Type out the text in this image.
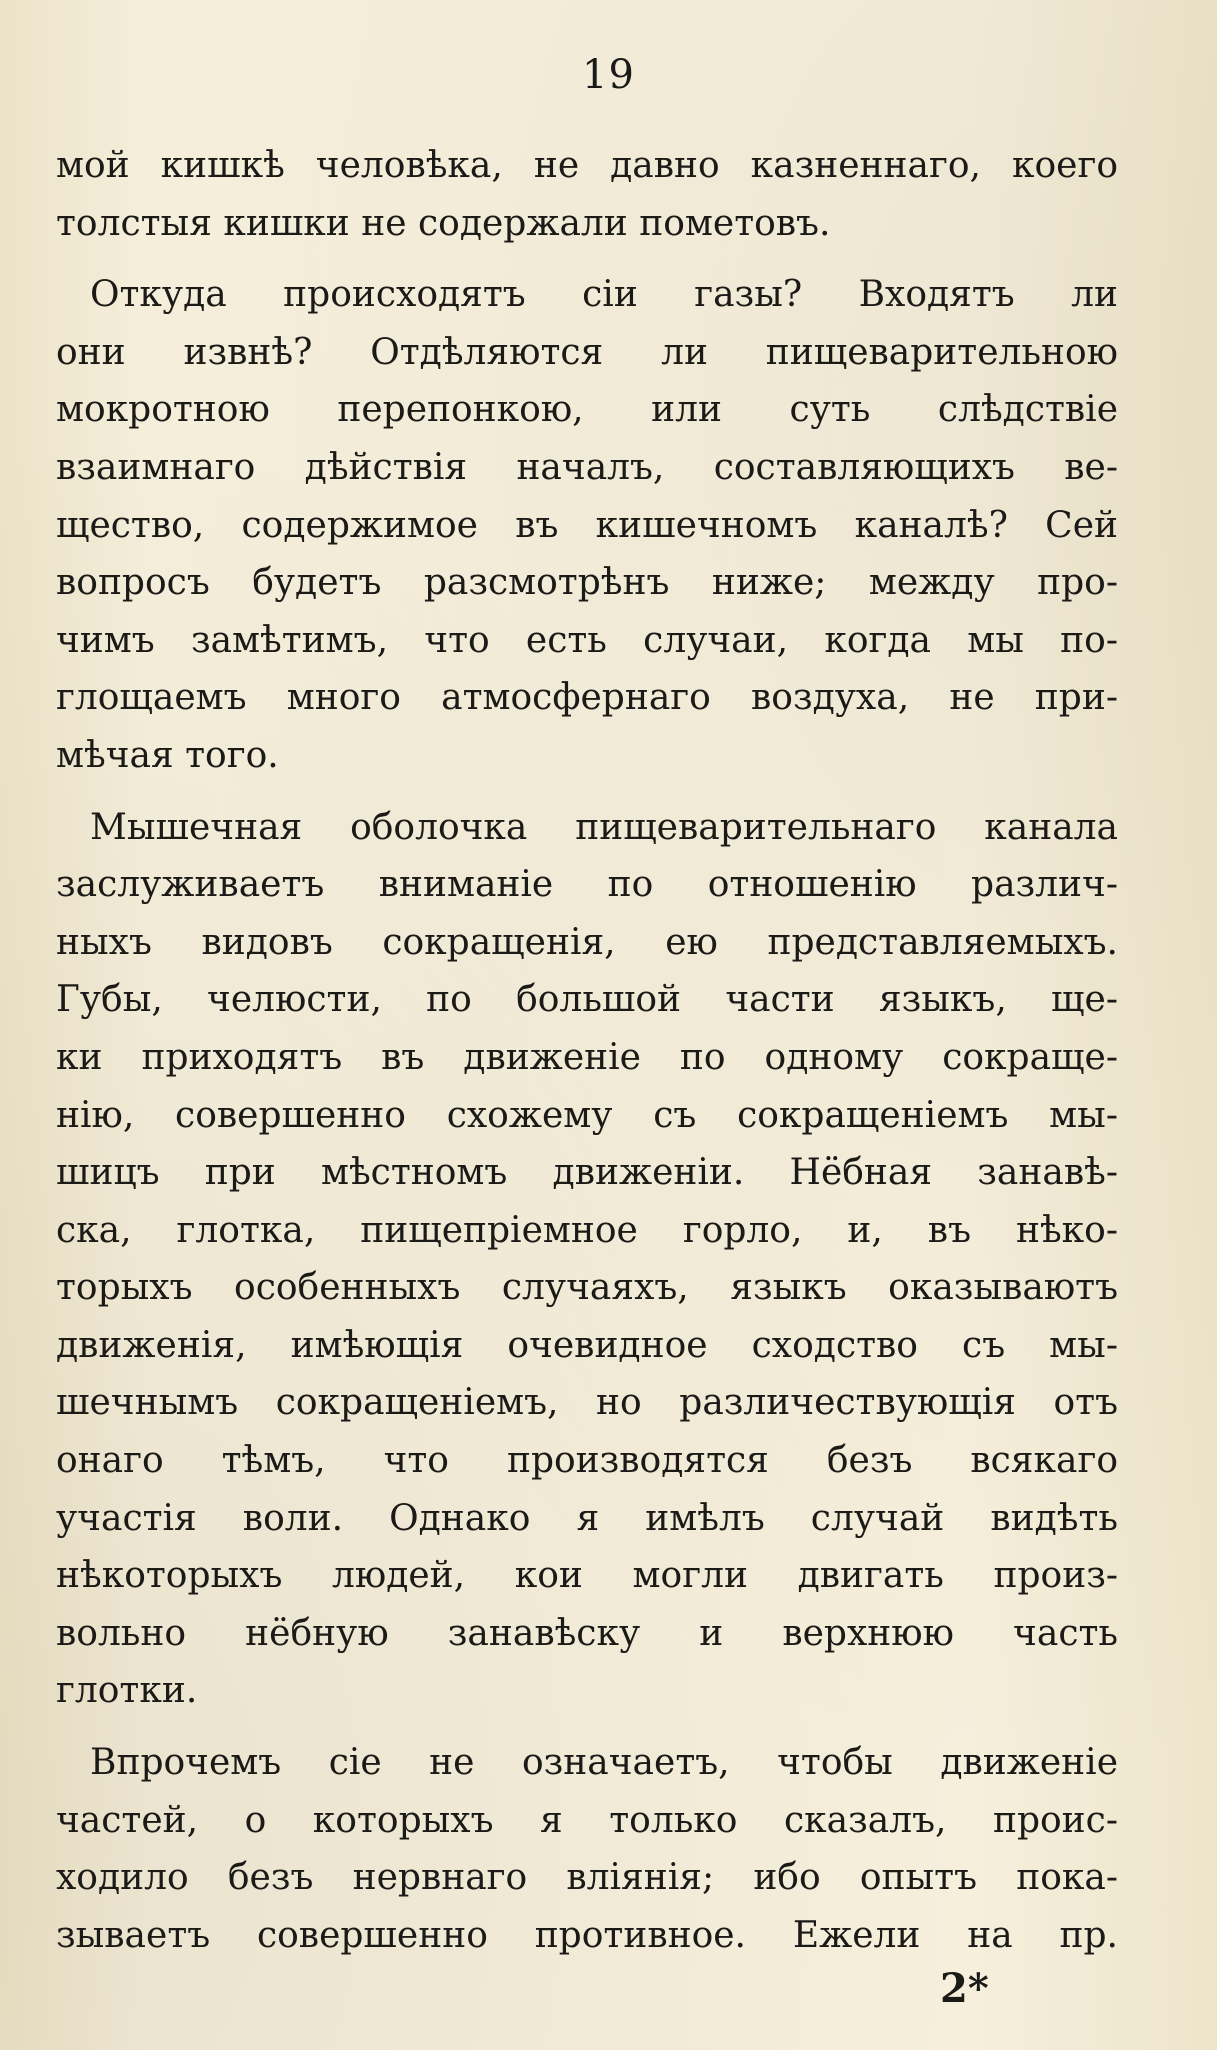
19
мой кишкѣ человѣка, не давно казненнаго, коего
толстыя кишки не содержали пометовъ.
Откуда происходятъ сіи газы? Входятъ ли
они извнѣ? Отдѣляются ли пищеварительною
мокротною перепонкою, или суть слѣдствіе
взаимнаго дѣйствія началъ, составляющихъ ве-
щество, содержимое въ кишечномъ каналѣ? Сей
вопросъ будетъ разсмотрѣнъ ниже; между про-
чимъ замѣтимъ, что есть случаи, когда мы по-
глощаемъ много атмосфернаго воздуха, не при-
мѣчая того.
Мышечная оболочка пищеварительнаго канала
заслуживаетъ вниманіе по отношенію различ-
ныхъ видовъ сокращенія, ею представляемыхъ.
Губы, челюсти, по большой части языкъ, ще-
ки приходятъ въ движеніе по одному сокраще-
нію, совершенно схожему съ сокращеніемъ мы-
шицъ при мѣстномъ движеніи. Нёбная занавѣ-
ска, глотка, пищепріемное горло, и, въ нѣко-
торыхъ особенныхъ случаяхъ, языкъ оказываютъ
движенія, имѣющія очевидное сходство съ мы-
шечнымъ сокращеніемъ, но различествующія отъ
онаго тѣмъ, что производятся безъ всякаго
участія воли. Однако я имѣлъ случай видѣть
нѣкоторыхъ людей, кои могли двигать произ-
вольно нёбную занавѣску и верхнюю часть
глотки.
Впрочемъ сіе не означаетъ, чтобы движеніе
частей, о которыхъ я только сказалъ, проис-
ходило безъ нервнаго вліянія; ибо опытъ пока-
зываетъ совершенно противное. Ежели на пр.
2*
